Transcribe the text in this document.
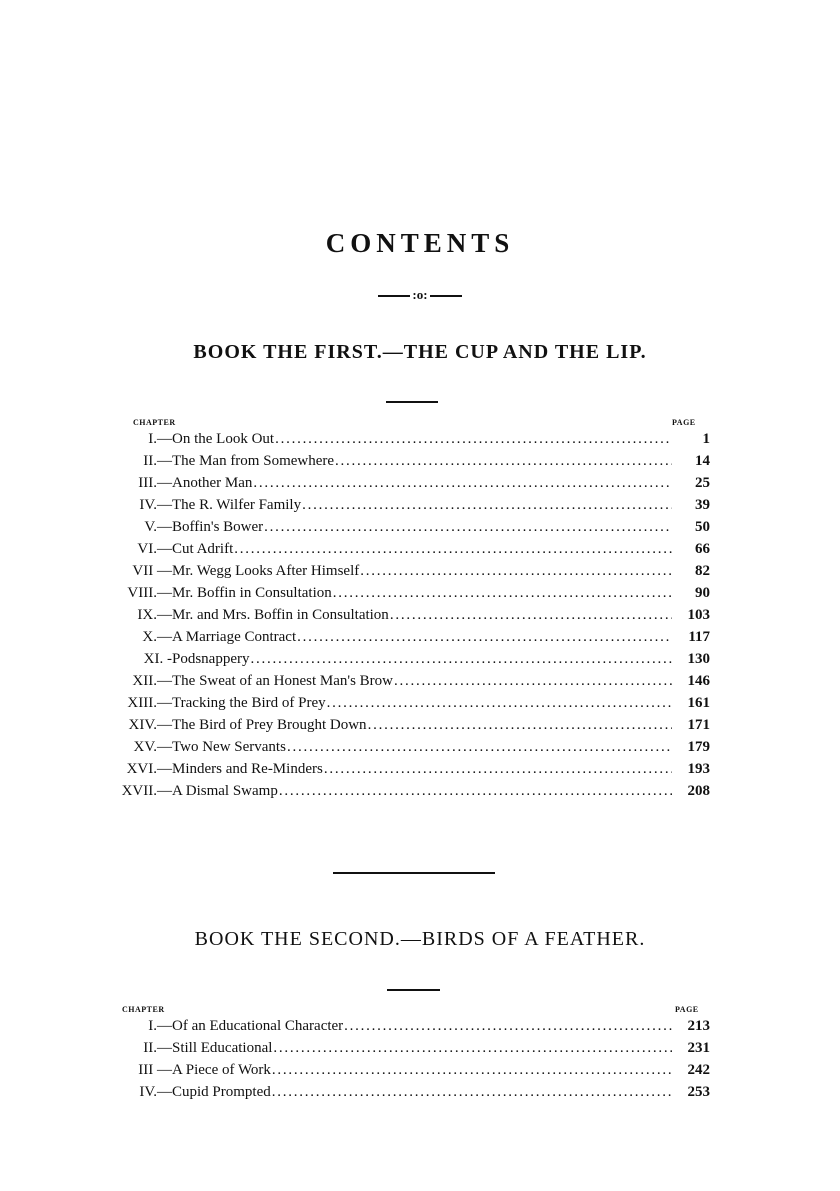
CONTENTS
:o:
BOOK THE FIRST.—THE CUP AND THE LIP.
CHAPTER	PAGE
I.— On the Look Out . . .	1
II.— The Man from Somewhere . . .	14
III.— Another Man . . .	25
IV.— The R. Wilfer Family . . .	39
V.— Boffin's Bower . . .	50
VI.— Cut Adrift . . .	66
VII — Mr. Wegg Looks After Himself . . .	82
VIII.— Mr. Boffin in Consultation . . .	90
IX.— Mr. and Mrs. Boffin in Consultation . . .	103
X.— A Marriage Contract . . .	117
XI. - Podsnappery . . .	130
XII.— The Sweat of an Honest Man's Brow . . .	146
XIII.— Tracking the Bird of Prey . . .	161
XIV.— The Bird of Prey Brought Down . . .	171
XV.— Two New Servants . . .	179
XVI.— Minders and Re-Minders . . .	193
XVII.— A Dismal Swamp . . .	208
BOOK THE SECOND.—BIRDS OF A FEATHER.
CHAPTER	PAGE
I.— Of an Educational Character . . .	213
II.— Still Educational . . .	231
III — A Piece of Work . . .	242
IV.— Cupid Prompted . . .	253
